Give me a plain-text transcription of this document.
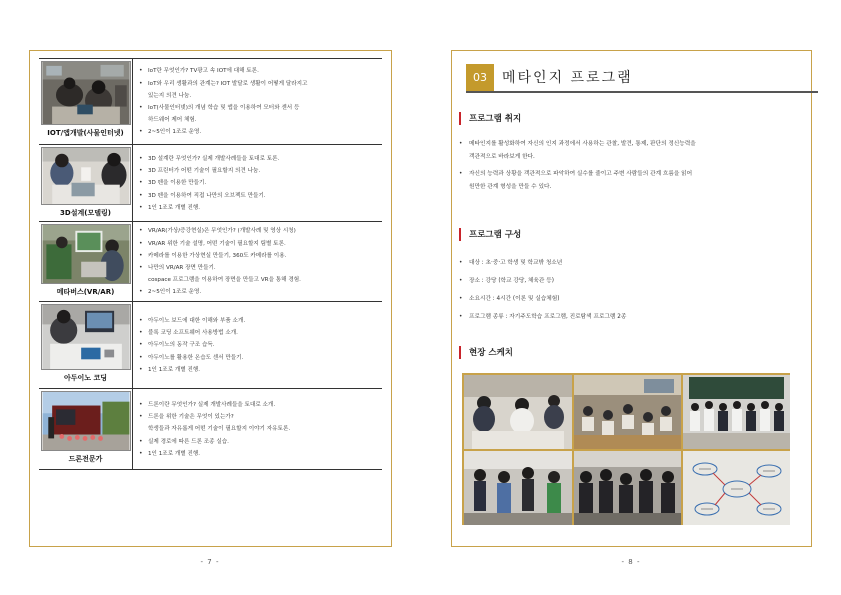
IOT/앱개발(사물인터넷)
• IoT란 무엇인가? TV광고 속 IOT에 대해 토론.
• IoT와 우리 생활과의 관계는? IOT 발달로 생활이 어떻게 달라지고
있는지 의견 나눔.
• IoT(사물인터넷)의 개념 학습 및 앱을 이용하여 모터와 센서 등
하드웨어 제어 체험.
• 2~5인이 1조로 운영.
3D설계(모델링)
• 3D 설계란 무엇인가? 실제 개발사례들을 토대로 토론.
• 3D 프린터가 어떤 기술이 필요할지 의견 나눔.
• 3D 펜을 이용한 만들기.
• 3D 펜을 이용하여 직접 나만의 오브젝트 만들기.
• 1인 1조로 개별 진행.
메타버스(VR/AR)
• VR/AR(가상/증강현실)은 무엇인가? (개발사례 및 영상 시청)
• VR/AR 위한 기술 설명, 어떤 기술이 필요할지 팀별 토론.
• 카메라를 이용한 가상현실 만들기, 360도 카메라를 이용.
• 나만의 VR/AR 장면 만들기.
cospace 프로그램을 이용하여 장면을 만들고 VR을 통해 경험.
• 2~5인이 1조로 운영.
아두이노 코딩
• 아두이노 보드에 대한 이해와 부품 소개.
• 블록 코딩 소프트웨어 사용방법 소개.
• 아두이노의 동작 구조 습득.
• 아두이노를 활용한 온습도 센서 만들기.
• 1인 1조로 개별 진행.
드론전문가
• 드론이란 무엇인가? 실제 개발사례들을 토대로 소개.
• 드론을 위한 기술은 무엇이 있는가?
학생들과 자유롭게 어떤 기술이 필요할지 이야기 자유토론.
• 실제 경로에 따른 드론 조종 실습.
• 1인 1조로 개별 진행.
- 7 -
03	메타인지 프로그램
프로그램 취지
• 메타인지를 활성화하여 자신의 인지 과정에서 사용하는 관찰, 발견, 통제, 판단의 정신능력을
객관적으로 바라보게 한다.
• 자신의 능력과 상황을 객관적으로 파악하여 실수를 줄이고 주변 사람들의 관계 흐름을 읽어
원만한 관계 형성을 만들 수 있다.
프로그램 구성
• 대상 : 초·중·고 학생 및 학교밖 청소년
• 장소 : 강당 (학교 강당, 체육관 등)
• 소요시간 : 4시간 (이론 및 실습체험)
• 프로그램 종류 : 자기주도학습 프로그램, 진로탐색 프로그램 2종
현장 스케치
- 8 -
